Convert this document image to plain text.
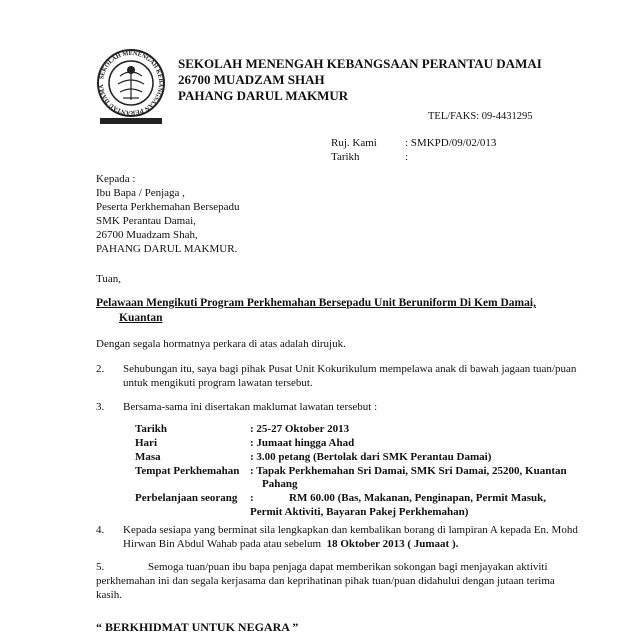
SEKOLAH MENENGAH KEBANGSAAN PERANTAU DAMA
SEKOLAH MENENGAH KEBANGSAAN PERANTAU DAMAI
26700 MUADZAM SHAH
PAHANG DARUL MAKMUR
TEL/FAKS: 09-4431295
Ruj. Kami	: SMKPD/09/02/013
Tarikh	:
Kepada :
Ibu Bapa / Penjaga ,
Peserta Perkhemahan Bersepadu
SMK Perantau Damai,
26700 Muadzam Shah,
PAHANG DARUL MAKMUR.
Tuan,
Pelawaan Mengikuti Program Perkhemahan Bersepadu Unit Beruniform Di Kem Damai,
Kuantan
Dengan segala hormatnya perkara di atas adalah dirujuk.
2. Sehubungan itu, saya bagi pihak Pusat Unit Kokurikulum mempelawa anak di bawah jagaan tuan/puan
untuk mengikuti program lawatan tersebut.
3. Bersama-sama ini disertakan maklumat lawatan tersebut :
Tarikh	: 25-27 Oktober 2013
Hari	: Jumaat hingga Ahad
Masa	: 3.00 petang (Bertolak dari SMK Perantau Damai)
Tempat Perkhemahan : Tapak Perkhemahan Sri Damai, SMK Sri Damai, 25200, Kuantan
Pahang
Perbelanjaan seorang :	RM 60.00 (Bas, Makanan, Penginapan, Permit Masuk,
Permit Aktiviti, Bayaran Pakej Perkhemahan)
4. Kepada sesiapa yang berminat sila lengkapkan dan kembalikan borang di lampiran A kepada En. Mohd
Hirwan Bin Abdul Wahab pada atau sebelum 18 Oktober 2013 ( Jumaat ).
5.	Semoga tuan/puan ibu bapa penjaga dapat memberikan sokongan bagi menjayakan aktiviti
perkhemahan ini dan segala kerjasama dan keprihatinan pihak tuan/puan didahului dengan jutaan terima
kasih.
“ BERKHIDMAT UNTUK NEGARA ”
